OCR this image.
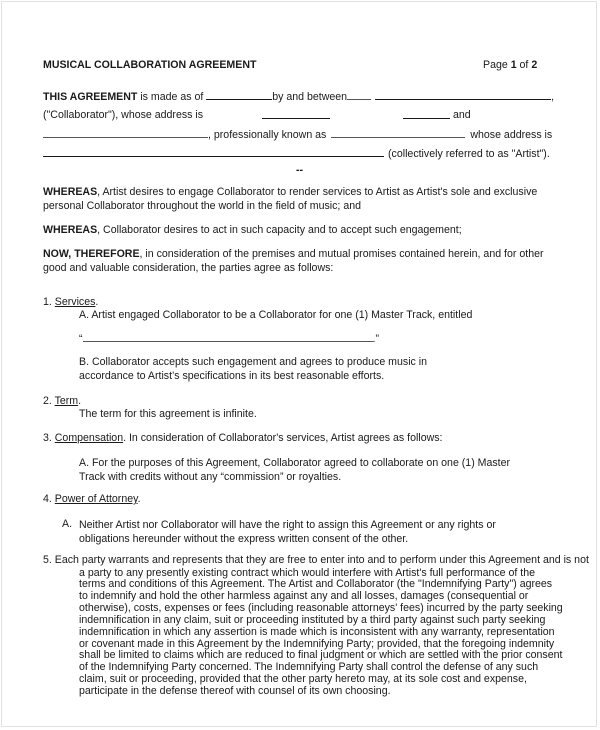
MUSICAL COLLABORATION AGREEMENT	Page 1 of 2
THIS AGREEMENT is made as of	by and between	,
("Collaborator"), whose address is	and
, professionally known as	whose address is
(collectively referred to as "Artist").
--
WHEREAS, Artist desires to engage Collaborator to render services to Artist as Artist's sole and exclusive personal Collaborator throughout the world in the field of music; and
WHEREAS, Collaborator desires to act in such capacity and to accept such engagement;
NOW, THEREFORE, in consideration of the premises and mutual promises contained herein, and for other good and valuable consideration, the parties agree as follows:
1. Services.
A. Artist engaged Collaborator to be a Collaborator for one (1) Master Track, entitled
“	.”
B. Collaborator accepts such engagement and agrees to produce music in accordance to Artist’s specifications in its best reasonable efforts.
2. Term.
The term for this agreement is infinite.
3. Compensation. In consideration of Collaborator's services, Artist agrees as follows:
A. For the purposes of this Agreement, Collaborator agreed to collaborate on one (1) Master Track with credits without any “commission” or royalties.
4. Power of Attorney.
A. Neither Artist nor Collaborator will have the right to assign this Agreement or any rights or obligations hereunder without the express written consent of the other.
5. Each party warrants and represents that they are free to enter into and to perform under this Agreement and is not
a party to any presently existing contract which would interfere with Artist's full performance of the terms and conditions of this Agreement. The Artist and Collaborator (the "Indemnifying Party") agrees to indemnify and hold the other harmless against any and all losses, damages (consequential or otherwise), costs, expenses or fees (including reasonable attorneys' fees) incurred by the party seeking indemnification in any claim, suit or proceeding instituted by a third party against such party seeking indemnification in which any assertion is made which is inconsistent with any warranty, representation or covenant made in this Agreement by the Indemnifying Party; provided, that the foregoing indemnity shall be limited to claims which are reduced to final judgment or which are settled with the prior consent of the Indemnifying Party concerned. The Indemnifying Party shall control the defense of any such claim, suit or proceeding, provided that the other party hereto may, at its sole cost and expense, participate in the defense thereof with counsel of its own choosing.
